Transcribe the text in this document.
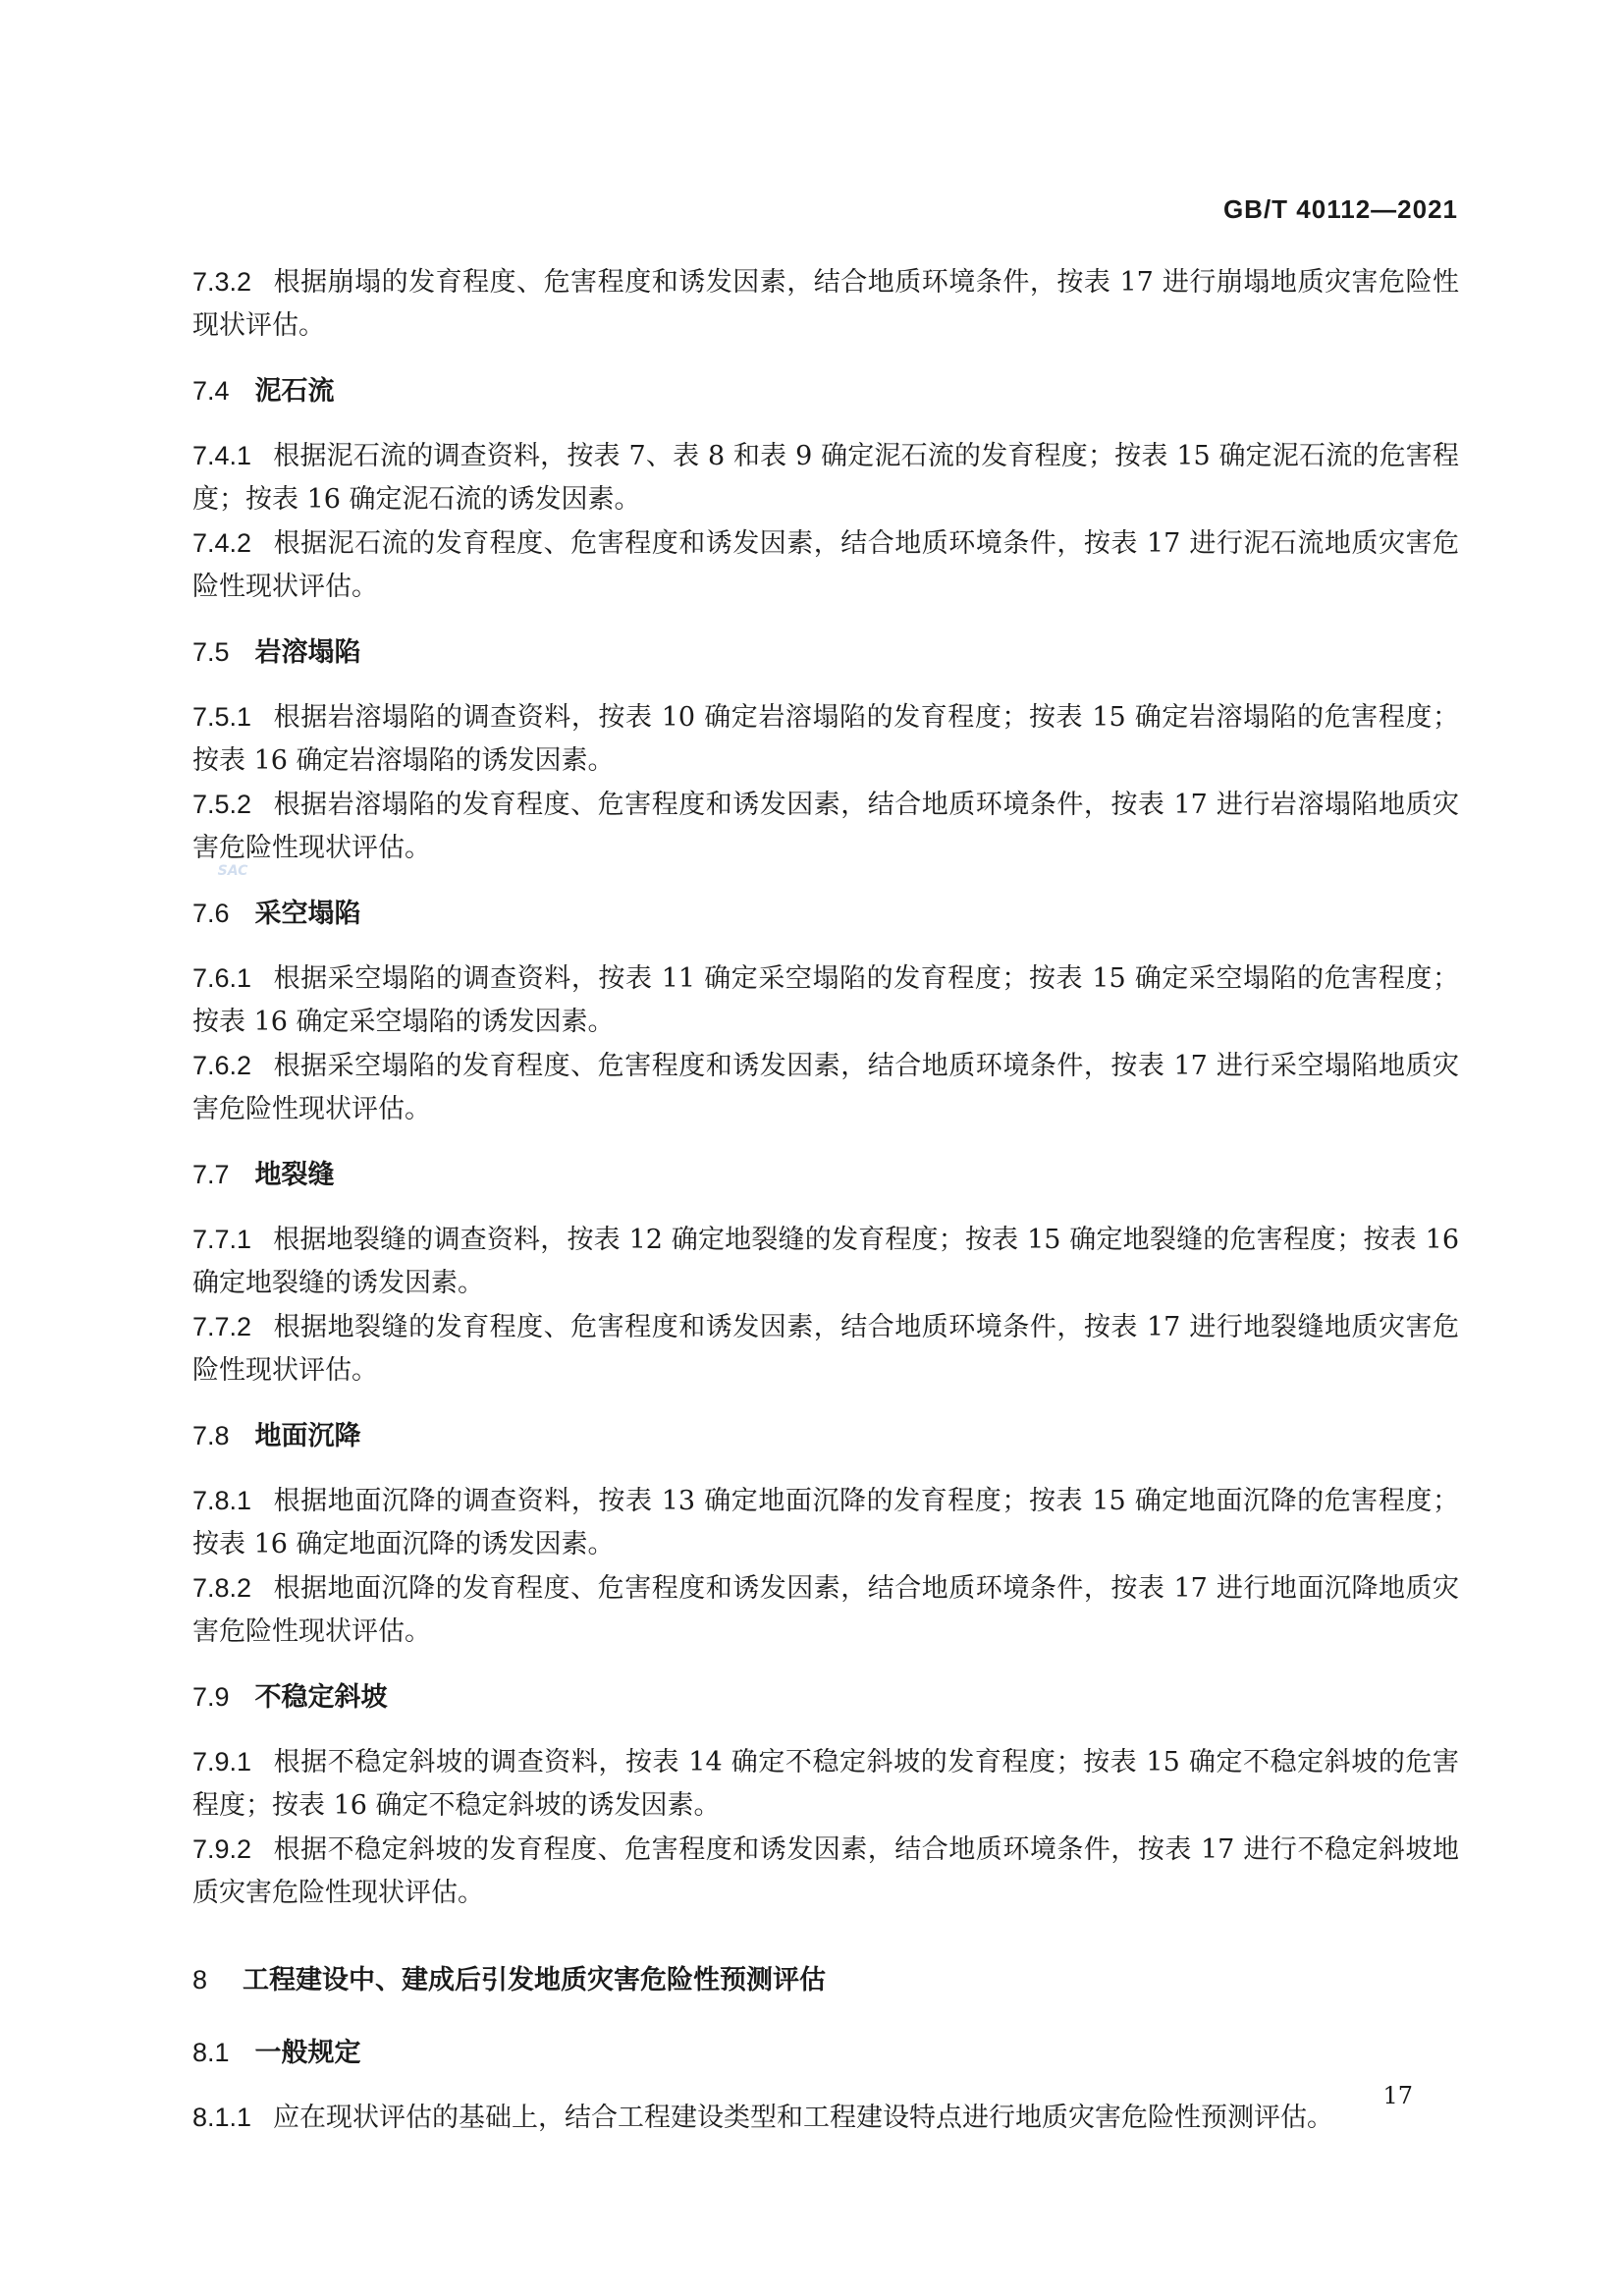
GB/T 40112—2021
SAC
7.3.2 根据崩塌的发育程度、危害程度和诱发因素，结合地质环境条件，按表 17 进行崩塌地质灾害危险性现状评估。
7.4 泥石流
7.4.1 根据泥石流的调查资料，按表 7、表 8 和表 9 确定泥石流的发育程度；按表 15 确定泥石流的危害程度；按表 16 确定泥石流的诱发因素。
7.4.2 根据泥石流的发育程度、危害程度和诱发因素，结合地质环境条件，按表 17 进行泥石流地质灾害危险性现状评估。
7.5 岩溶塌陷
7.5.1 根据岩溶塌陷的调查资料，按表 10 确定岩溶塌陷的发育程度；按表 15 确定岩溶塌陷的危害程度；按表 16 确定岩溶塌陷的诱发因素。
7.5.2 根据岩溶塌陷的发育程度、危害程度和诱发因素，结合地质环境条件，按表 17 进行岩溶塌陷地质灾害危险性现状评估。
7.6 采空塌陷
7.6.1 根据采空塌陷的调查资料，按表 11 确定采空塌陷的发育程度；按表 15 确定采空塌陷的危害程度；按表 16 确定采空塌陷的诱发因素。
7.6.2 根据采空塌陷的发育程度、危害程度和诱发因素，结合地质环境条件，按表 17 进行采空塌陷地质灾害危险性现状评估。
7.7 地裂缝
7.7.1 根据地裂缝的调查资料，按表 12 确定地裂缝的发育程度；按表 15 确定地裂缝的危害程度；按表 16 确定地裂缝的诱发因素。
7.7.2 根据地裂缝的发育程度、危害程度和诱发因素，结合地质环境条件，按表 17 进行地裂缝地质灾害危险性现状评估。
7.8 地面沉降
7.8.1 根据地面沉降的调查资料，按表 13 确定地面沉降的发育程度；按表 15 确定地面沉降的危害程度；按表 16 确定地面沉降的诱发因素。
7.8.2 根据地面沉降的发育程度、危害程度和诱发因素，结合地质环境条件，按表 17 进行地面沉降地质灾害危险性现状评估。
7.9 不稳定斜坡
7.9.1 根据不稳定斜坡的调查资料，按表 14 确定不稳定斜坡的发育程度；按表 15 确定不稳定斜坡的危害程度；按表 16 确定不稳定斜坡的诱发因素。
7.9.2 根据不稳定斜坡的发育程度、危害程度和诱发因素，结合地质环境条件，按表 17 进行不稳定斜坡地质灾害危险性现状评估。
8 工程建设中、建成后引发地质灾害危险性预测评估
8.1 一般规定
8.1.1 应在现状评估的基础上，结合工程建设类型和工程建设特点进行地质灾害危险性预测评估。
17
